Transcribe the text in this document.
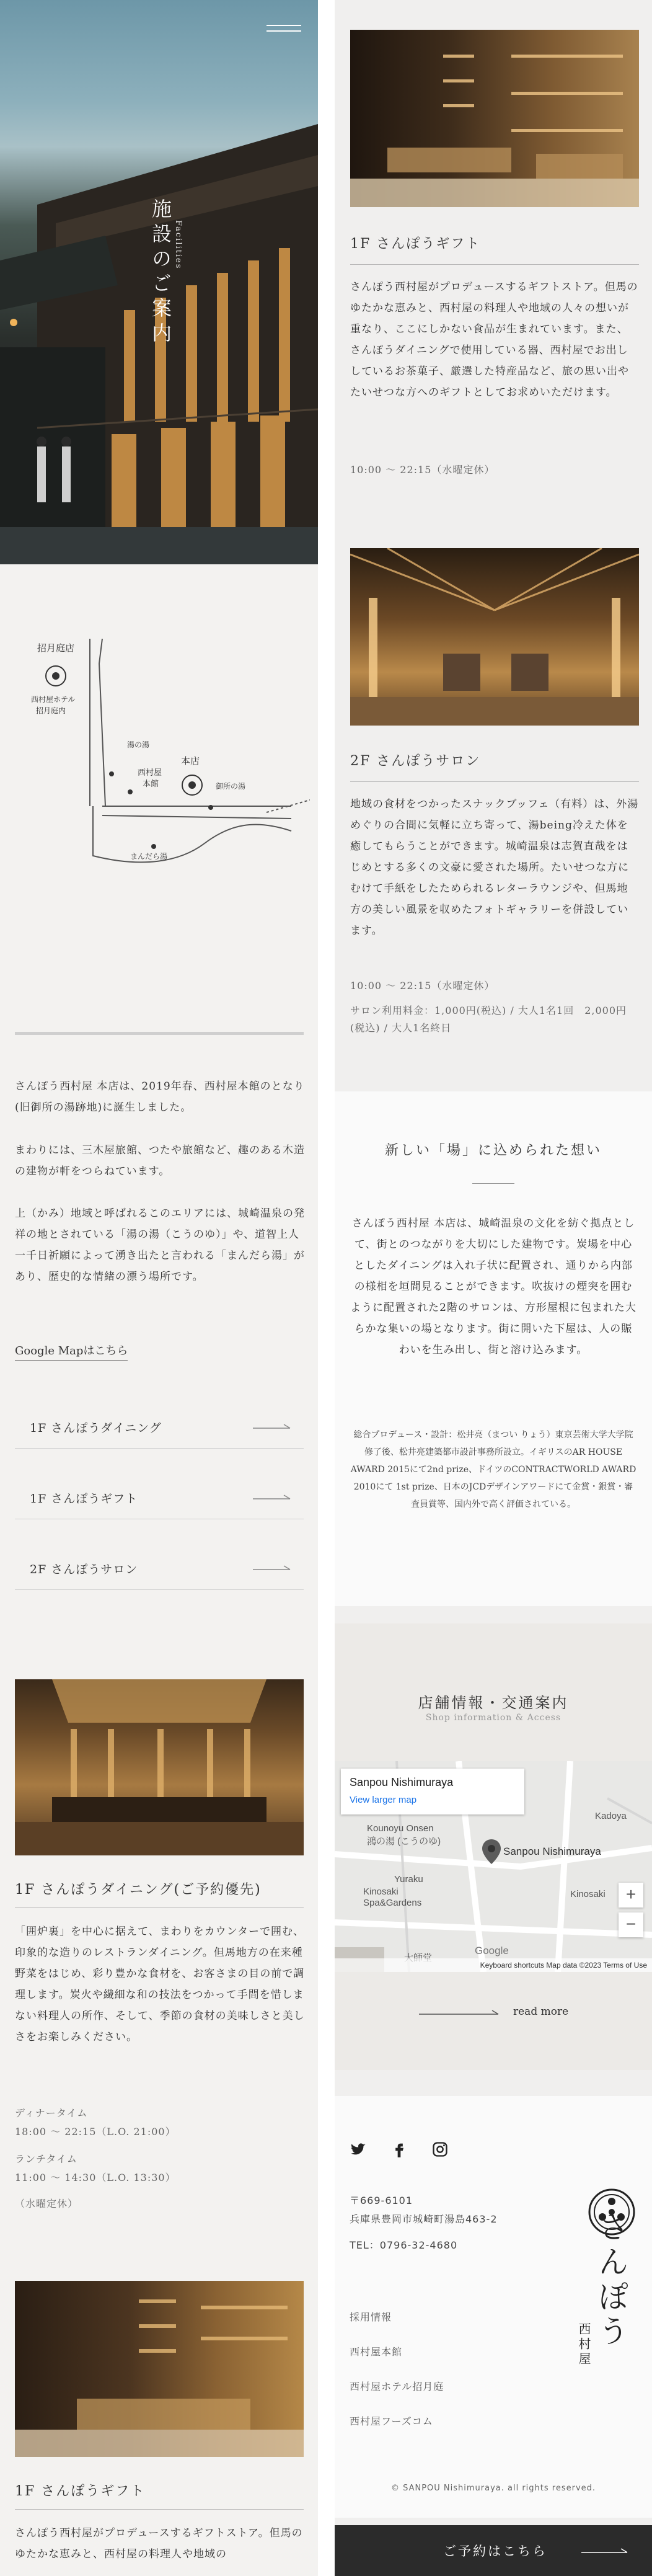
施設のご案内 Facilities
招月庭店
西村屋ホテル
招月庭内
湯の湯
西村屋
本館
本店
御所の湯
まんだら湯
さんぽう西村屋 本店は、2019年春、西村屋本館のとなり(旧御所の湯跡地)に誕生しました。
まわりには、三木屋旅館、つたや旅館など、趣のある木造の建物が軒をつらねています。
上（かみ）地域と呼ばれるこのエリアには、城崎温泉の発祥の地とされている「湯の湯（こうのゆ）」や、道智上人一千日祈願によって湧き出たと言われる「まんだら湯」があり、歴史的な情緒の漂う場所です。
Google Mapはこちら
1F さんぽうダイニング
1F さんぽうギフト
2F さんぽうサロン
1F さんぽうダイニング(ご予約優先)
「囲炉裏」を中心に据えて、まわりをカウンターで囲む、印象的な造りのレストランダイニング。但馬地方の在来種野菜をはじめ、彩り豊かな食材を、お客さまの目の前で調理します。炭火や繊細な和の技法をつかって手間を惜しまない料理人の所作、そして、季節の食材の美味しさと美しさをお楽しみください。
ディナータイム
18:00 〜 22:15（L.O. 21:00）
ランチタイム
11:00 〜 14:30（L.O. 13:30）
（水曜定休）
1F さんぽうギフト
さんぽう西村屋がプロデュースするギフトストア。但馬のゆたかな恵みと、西村屋の料理人や地域の
1F さんぽうギフト
さんぽう西村屋がプロデュースするギフトストア。但馬のゆたかな恵みと、西村屋の料理人や地域の人々の想いが重なり、ここにしかない食品が生まれています。また、さんぽうダイニングで使用している器、西村屋でお出ししているお茶菓子、厳選した特産品など、旅の思い出やたいせつな方へのギフトとしてお求めいただけます。
10:00 〜 22:15（水曜定休）
2F さんぽうサロン
地域の食材をつかったスナックブッフェ（有料）は、外湯めぐりの合間に気軽に立ち寄って、湯being冷えた体を癒してもらうことができます。城崎温泉は志賀直哉をはじめとする多くの文豪に愛された場所。たいせつな方にむけて手紙をしたためられるレターラウンジや、但馬地方の美しい風景を収めたフォトギャラリーを併設しています。
10:00 〜 22:15（水曜定休）
サロン利用料金：1,000円(税込) / 大人1名1回　2,000円(税込) / 大人1名終日
新しい「場」に込められた想い
さんぽう西村屋 本店は、城崎温泉の文化を紡ぐ拠点として、街とのつながりを大切にした建物です。炭場を中心としたダイニングは入れ子状に配置され、通りから内部の様相を垣間見ることができます。吹抜けの煙突を囲むように配置された2階のサロンは、方形屋根に包まれた大らかな集いの場となります。街に開いた下屋は、人の賑わいを生み出し、街と溶け込みます。
総合プロデュース・設計：松井亮（まつい りょう）東京芸術大学大学院修了後、松井亮建築都市設計事務所設立。イギリスのAR HOUSE AWARD 2015にて2nd prize、ドイツのCONTRACTWORLD AWARD 2010にて 1st prize、日本のJCDデザインアワードにて金賞・銀賞・審査員賞等、国内外で高く評価されている。
店舗情報・交通案内
Shop information & Access
Sanpou Nishimuraya
View larger map
Kounoyu Onsen
鴻の湯 (こうのゆ)
Yuraku
Kinosaki
Spa&Gardens
Kadoya
Kinosaki
Sanpou Nishimuraya
+
−
Google
Keyboard shortcuts Map data ©2023 Terms of Use
read more
〒669-6101
兵庫県豊岡市城崎町湯島463-2
TEL：0796-32-4680
採用情報
西村屋本館
西村屋ホテル招月庭
西村屋フーズコム
さんぽう
西村屋
© SANPOU Nishimuraya. all rights reserved.
ご予約はこちら
